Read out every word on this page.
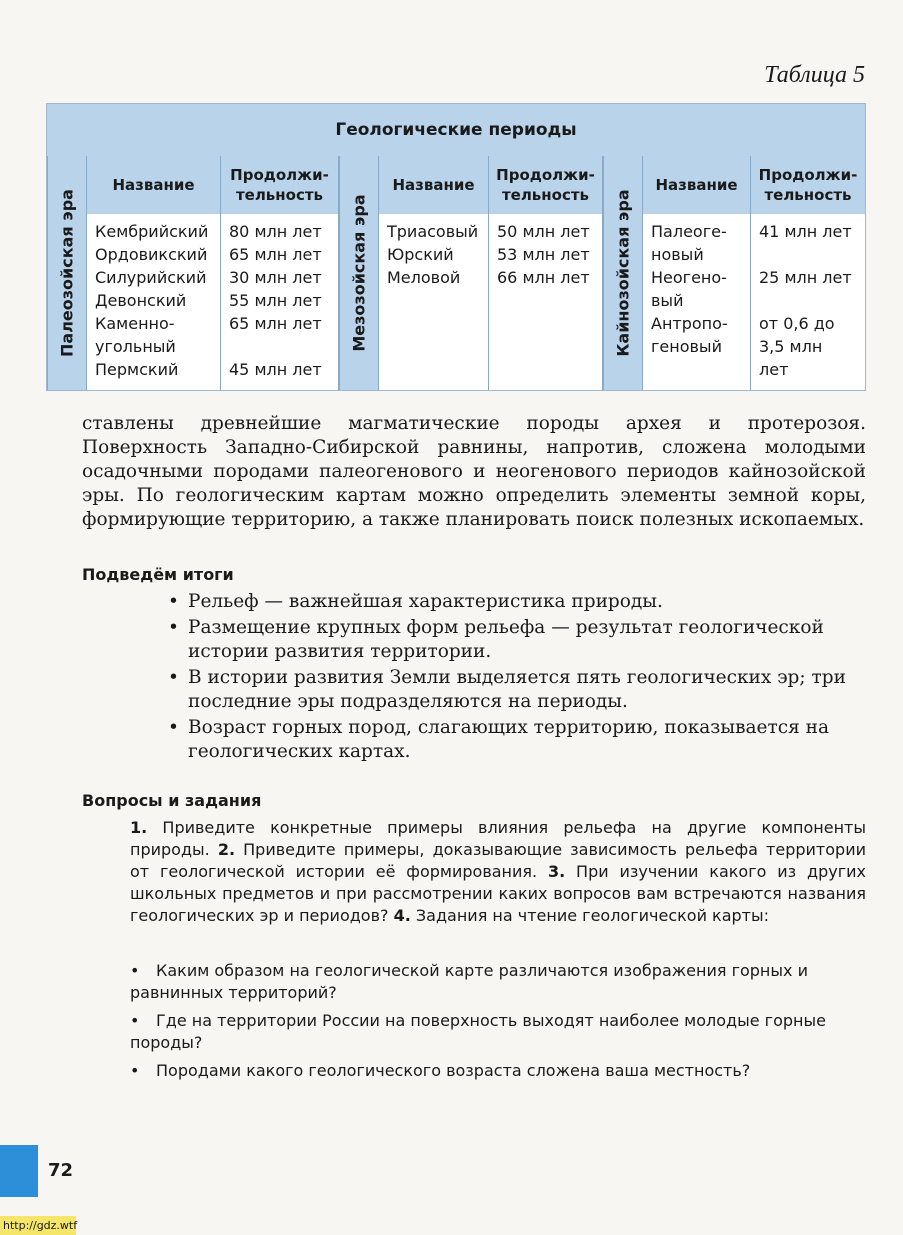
Таблица 5
Геологические периоды
Палеозойская эра
Название
Продолжи-
тельность
Кембрийский
Ордовикский
Силурийский
Девонский
Каменно-
угольный
Пермский
80 млн лет
65 млн лет
30 млн лет
55 млн лет
65 млн лет

45 млн лет
Мезозойская эра
Название
Продолжи-
тельность
Триасовый
Юрский
Меловой
50 млн лет
53 млн лет
66 млн лет Кайнозойская эра
Название
Продолжи-
тельность
Палеоге-
новый
Неогено-
вый
Антропо-
геновый
41 млн лет

25 млн лет

от 0,6 до
3,5 млн
лет
ставлены древнейшие магматические породы архея и протерозоя. Поверхность Западно-Сибирской равнины, напротив, сложена молодыми осадочными породами палеогенового и неогенового периодов кайнозойской эры. По геологическим картам можно определить элементы земной коры, формирующие территорию, а также планировать поиск полезных ископаемых.
Подведём итоги
• Рельеф — важнейшая характеристика природы.
• Размещение крупных форм рельефа — результат геологической истории развития территории.
• В истории развития Земли выделяется пять геологических эр; три последние эры подразделяются на периоды.
• Возраст горных пород, слагающих территорию, показывается на геологических картах.
Вопросы и задания
1. Приведите конкретные примеры влияния рельефа на другие компоненты природы. 2. Приведите примеры, доказывающие зависимость рельефа территории от геологической истории её формирования. 3. При изучении какого из других школьных предметов и при рассмотрении каких вопросов вам встречаются названия геологических эр и периодов? 4. Задания на чтение геологической карты:
• Каким образом на геологической карте различаются изображения горных и равнинных территорий?
• Где на территории России на поверхность выходят наиболее молодые горные породы?
• Породами какого геологического возраста сложена ваша местность?
72
http://gdz.wtf
